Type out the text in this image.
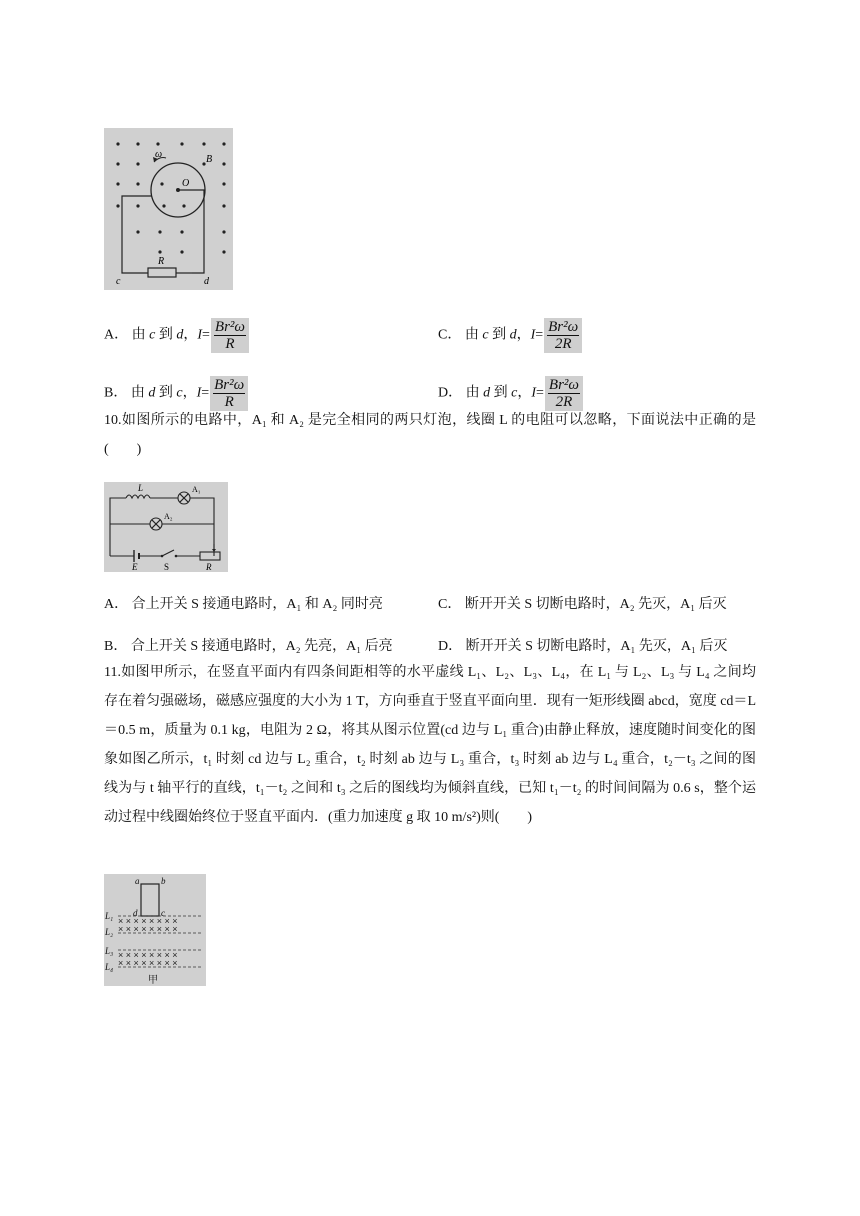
ω	B
O
R
c	d
A． 由 c 到 d，$I= \frac{\text{Br²ω}}{R}$	C． 由 c 到 d，$I= \frac{\text{Br²ω}}{2R}$
B． 由 d 到 c，$I= \frac{\text{Br²ω}}{R}$	D． 由 d 到 c，$I= \frac{\text{Br²ω}}{2R}$
10.如图所示的电路中，A₁ 和 A₂ 是完全相同的两只灯泡，线圈 L 的电阻可以忽略，下面说法中正确的是(　　)
L	A₁
A₂
E	S	R
A． 合上开关 S 接通电路时，A₁ 和 A₂ 同时亮	C． 断开开关 S 切断电路时，A₂ 先灭，A₁ 后灭
B． 合上开关 S 接通电路时，A₂ 先亮，A₁ 后亮	D． 断开开关 S 切断电路时，A₁ 先灭，A₁ 后灭
11.如图甲所示，在竖直平面内有四条间距相等的水平虚线 L₁、L₂、L₃、L₄，在 L₁ 与 L₂、L₃ 与 L₄ 之间均存在着匀强磁场，磁感应强度的大小为 1 T，方向垂直于竖直平面向里．现有一矩形线圈 abcd，宽度 cd＝L＝0.5 m，质量为 0.1 kg，电阻为 2 Ω，将其从图示位置(cd 边与 L₁ 重合)由静止释放，速度随时间变化的图象如图乙所示，t₁ 时刻 cd 边与 L₂ 重合，t₂ 时刻 ab 边与 L₃ 重合，t₃ 时刻 ab 边与 L₄ 重合，t₂－t₃ 之间的图线为与 t 轴平行的直线，t₁－t₂ 之间和 t₃ 之后的图线均为倾斜直线，已知 t₁－t₂ 的时间间隔为 0.6 s，整个运动过程中线圈始终位于竖直平面内．(重力加速度 g 取 10 m/s²)则(　　)
× × × × × × × ×
× × × × × × × ×
× × × × × × × ×
× × × × × × × ×
a b
d	c
L₁
L₂
L₃
L₄
甲
